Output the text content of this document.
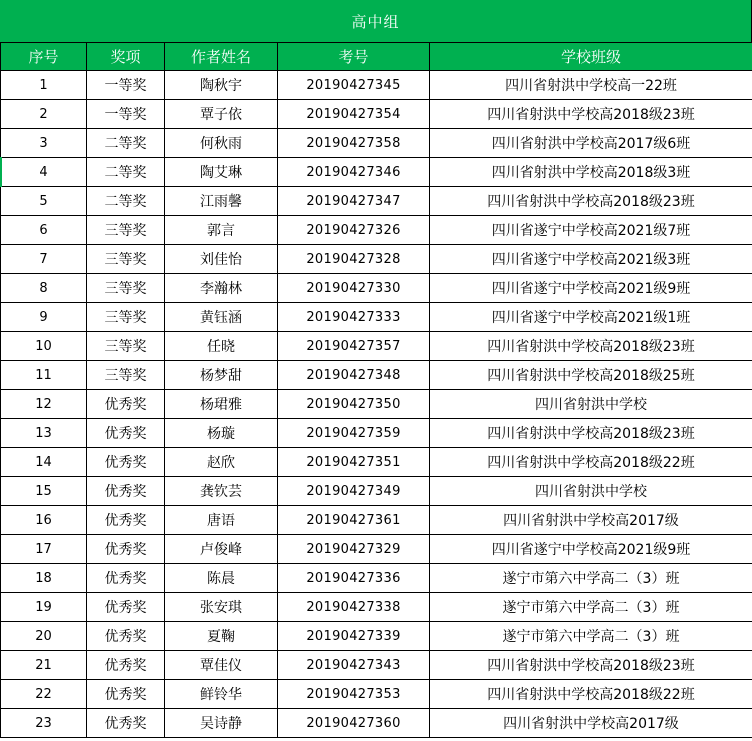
高中组
序号	奖项	作者姓名	考号	学校班级
1	一等奖	陶秋宇	20190427345	四川省射洪中学校高一22班
2	一等奖	覃子依	20190427354	四川省射洪中学校高2018级23班
3	二等奖	何秋雨	20190427358	四川省射洪中学校高2017级6班
4	二等奖	陶艾琳	20190427346	四川省射洪中学校高2018级3班
5	二等奖	江雨馨	20190427347	四川省射洪中学校高2018级23班
6	三等奖	郭言	20190427326	四川省遂宁中学校高2021级7班
7	三等奖	刘佳怡	20190427328	四川省遂宁中学校高2021级3班
8	三等奖	李瀚林	20190427330	四川省遂宁中学校高2021级9班
9	三等奖	黄钰涵	20190427333	四川省遂宁中学校高2021级1班
10	三等奖	任晓	20190427357	四川省射洪中学校高2018级23班
11	三等奖	杨梦甜	20190427348	四川省射洪中学校高2018级25班
12	优秀奖	杨珺雅	20190427350	四川省射洪中学校
13	优秀奖	杨璇	20190427359	四川省射洪中学校高2018级23班
14	优秀奖	赵欣	20190427351	四川省射洪中学校高2018级22班
15	优秀奖	龚钦芸	20190427349	四川省射洪中学校
16	优秀奖	唐语	20190427361	四川省射洪中学校高2017级
17	优秀奖	卢俊峰	20190427329	四川省遂宁中学校高2021级9班
18	优秀奖	陈晨	20190427336	遂宁市第六中学高二（3）班
19	优秀奖	张安琪	20190427338	遂宁市第六中学高二（3）班
20	优秀奖	夏鞠	20190427339	遂宁市第六中学高二（3）班
21	优秀奖	覃佳仪	20190427343	四川省射洪中学校高2018级23班
22	优秀奖	鲜铃华	20190427353	四川省射洪中学校高2018级22班
23	优秀奖	吴诗静	20190427360	四川省射洪中学校高2017级
